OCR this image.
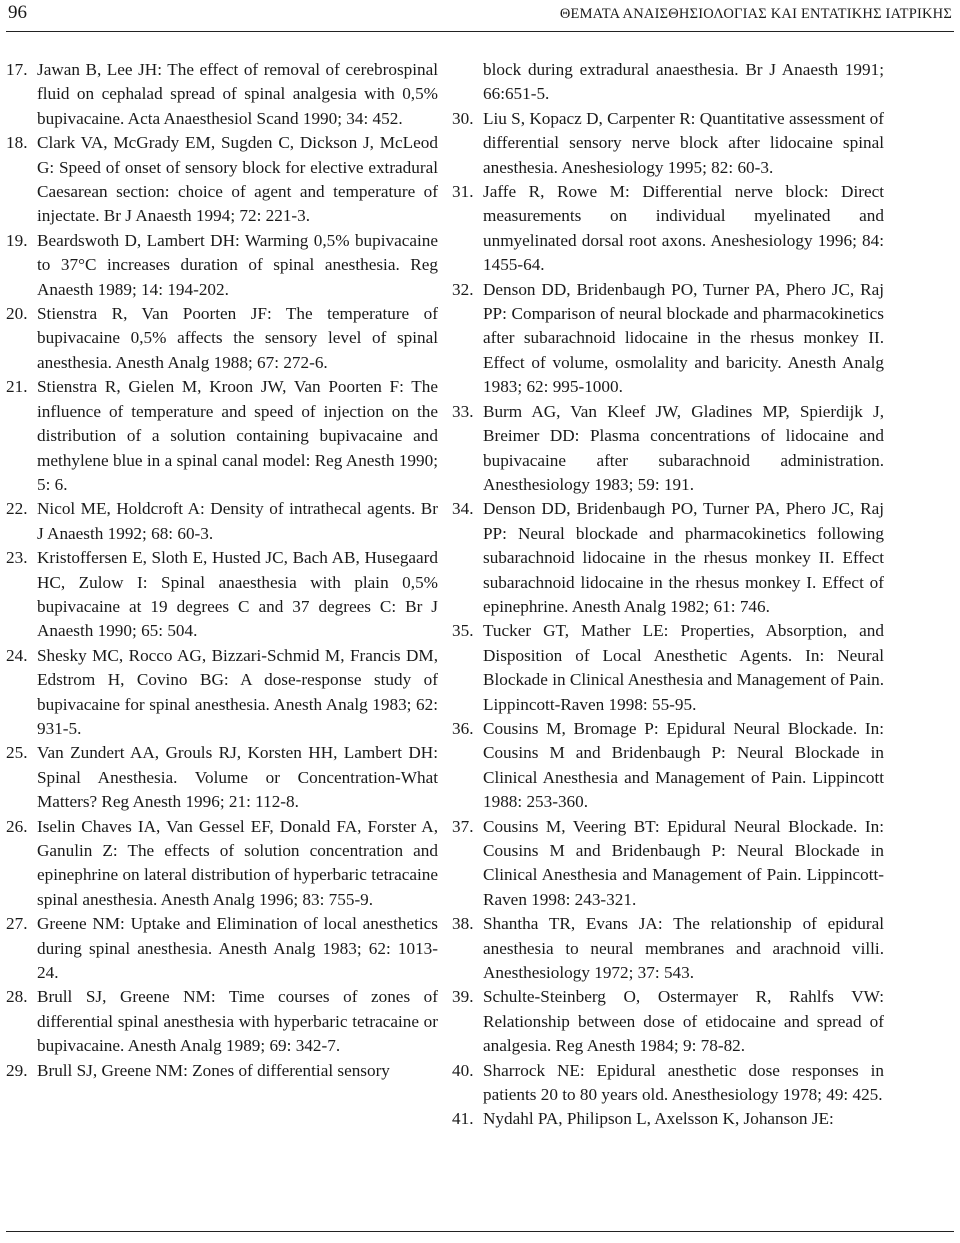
96	ΘΕΜΑΤΑ ΑΝΑΙΣΘΗΣΙΟΛΟΓΙΑΣ ΚΑΙ ΕΝΤΑΤΙΚΗΣ ΙΑΤΡΙΚΗΣ
17. Jawan B, Lee JH: The effect of removal of cerebrospinal fluid on cephalad spread of spinal analgesia with 0,5% bupivacaine. Acta Anaesthesiol Scand 1990; 34: 452.
18. Clark VA, McGrady EM, Sugden C, Dickson J, McLeod G: Speed of onset of sensory block for elective extradural Caesarean section: choice of agent and temperature of injectate. Br J Anaesth 1994; 72: 221-3.
19. Beardswoth D, Lambert DH: Warming 0,5% bupivacaine to 37°C increases duration of spinal anesthesia. Reg Anaesth 1989; 14: 194-202.
20. Stienstra R, Van Poorten JF: The temperature of bupivacaine 0,5% affects the sensory level of spinal anesthesia. Anesth Analg 1988; 67: 272-6.
21. Stienstra R, Gielen M, Kroon JW, Van Poorten F: The influence of temperature and speed of injection on the distribution of a solution containing bupivacaine and methylene blue in a spinal canal model: Reg Anesth 1990; 5: 6.
22. Nicol ME, Holdcroft A: Density of intrathecal agents. Br J Anaesth 1992; 68: 60-3.
23. Kristoffersen E, Sloth E, Husted JC, Bach AB, Husegaard HC, Zulow I: Spinal anaesthesia with plain 0,5% bupivacaine at 19 degrees C and 37 degrees C: Br J Anaesth 1990; 65: 504.
24. Shesky MC, Rocco AG, Bizzari-Schmid M, Francis DM, Edstrom H, Covino BG: A dose-response study of bupivacaine for spinal anesthesia. Anesth Analg 1983; 62: 931-5.
25. Van Zundert AA, Grouls RJ, Korsten HH, Lambert DH: Spinal Anesthesia. Volume or Concentration-What Matters? Reg Anesth 1996; 21: 112-8.
26. Iselin Chaves IA, Van Gessel EF, Donald FA, Forster A, Ganulin Z: The effects of solution concentration and epinephrine on lateral distribution of hyperbaric tetracaine spinal anesthesia. Anesth Analg 1996; 83: 755-9.
27. Greene NM: Uptake and Elimination of local anesthetics during spinal anesthesia. Anesth Analg 1983; 62: 1013-24.
28. Brull SJ, Greene NM: Time courses of zones of differential spinal anesthesia with hyperbaric tetracaine or bupivacaine. Anesth Analg 1989; 69: 342-7.
29. Brull SJ, Greene NM: Zones of differential sensory
block during extradural anaesthesia. Br J Anaesth 1991; 66:651-5.
30. Liu S, Kopacz D, Carpenter R: Quantitative assessment of differential sensory nerve block after lidocaine spinal anesthesia. Aneshesiology 1995; 82: 60-3.
31. Jaffe R, Rowe M: Differential nerve block: Direct measurements on individual myelinated and unmyelinated dorsal root axons. Aneshesiology 1996; 84: 1455-64.
32. Denson DD, Bridenbaugh PO, Turner PA, Phero JC, Raj PP: Comparison of neural blockade and pharmacokinetics after subarachnoid lidocaine in the rhesus monkey II. Effect of volume, osmolality and baricity. Anesth Analg 1983; 62: 995-1000.
33. Burm AG, Van Kleef JW, Gladines MP, Spierdijk J, Breimer DD: Plasma concentrations of lidocaine and bupivacaine after subarachnoid administration. Anesthesiology 1983; 59: 191.
34. Denson DD, Bridenbaugh PO, Turner PA, Phero JC, Raj PP: Neural blockade and pharmacokinetics following subarachnoid lidocaine in the rhesus monkey II. Effect subarachnoid lidocaine in the rhesus monkey I. Effect of epinephrine. Anesth Analg 1982; 61: 746.
35. Tucker GT, Mather LE: Properties, Absorption, and Disposition of Local Anesthetic Agents. In: Neural Blockade in Clinical Anesthesia and Management of Pain. Lippincott-Raven 1998: 55-95.
36. Cousins M, Bromage P: Epidural Neural Blockade. In: Cousins M and Bridenbaugh P: Neural Blockade in Clinical Anesthesia and Management of Pain. Lippincott 1988: 253-360.
37. Cousins M, Veering BT: Epidural Neural Blockade. In: Cousins M and Bridenbaugh P: Neural Blockade in Clinical Anesthesia and Management of Pain. Lippincott-Raven 1998: 243-321.
38. Shantha TR, Evans JA: The relationship of epidural anesthesia to neural membranes and arachnoid villi. Anesthesiology 1972; 37: 543.
39. Schulte-Steinberg O, Ostermayer R, Rahlfs VW: Relationship between dose of etidocaine and spread of analgesia. Reg Anesth 1984; 9: 78-82.
40. Sharrock NE: Epidural anesthetic dose responses in patients 20 to 80 years old. Anesthesiology 1978; 49: 425.
41. Nydahl PA, Philipson L, Axelsson K, Johanson JE:
